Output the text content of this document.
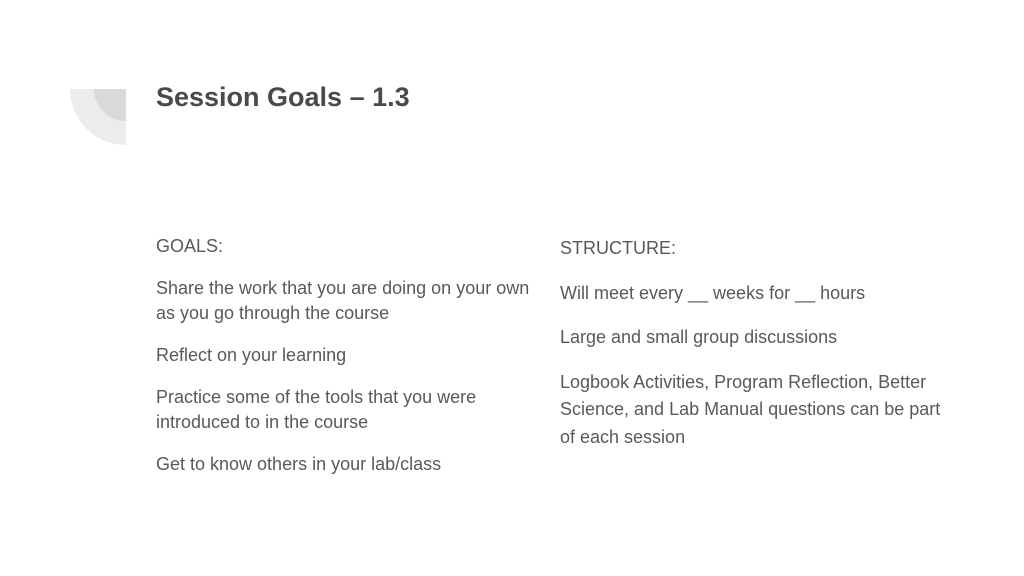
Session Goals – 1.3

GOALS:

Share the work that you are doing on your own as you go through the course

Reflect on your learning

Practice some of the tools that you were introduced to in the course

Get to know others in your lab/class

STRUCTURE:

Will meet every __ weeks for __ hours

Large and small group discussions

Logbook Activities, Program Reflection, Better Science, and Lab Manual questions can be part of each session
